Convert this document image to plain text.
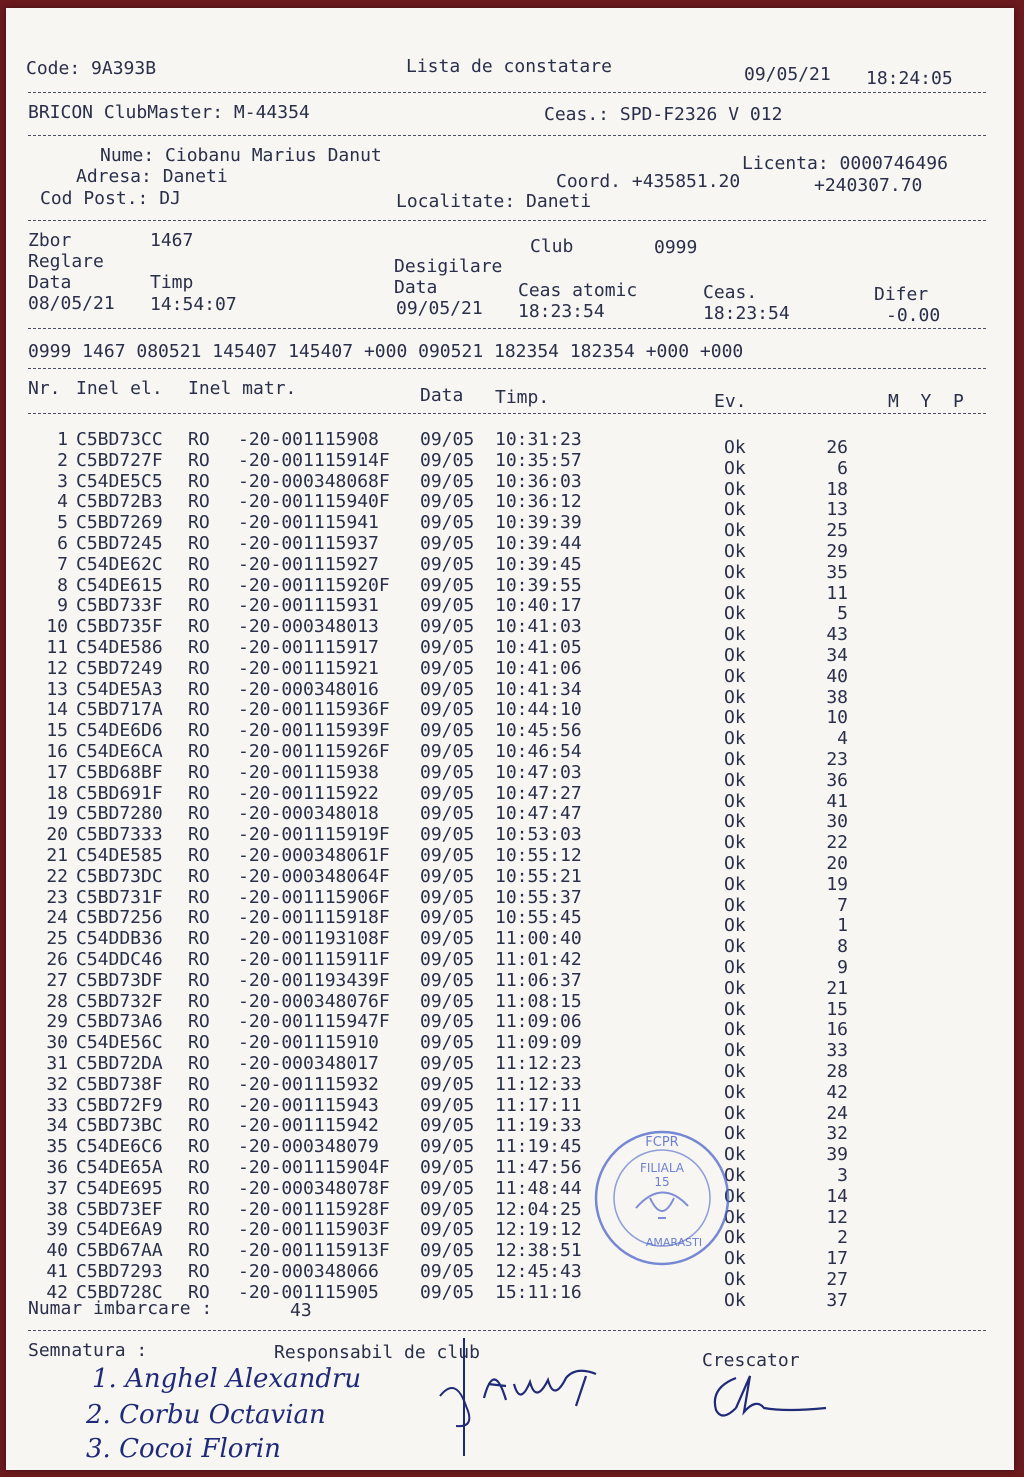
Code: 9A393B	Lista de constatare	09/05/21 18:24:05
BRICON ClubMaster: M-44354	Ceas.: SPD-F2326 V 012
Nume: Ciobanu Marius Danut	Licenta: 0000746496
Adresa: Daneti	Coord. +435851.20	+240307.70
Cod Post.: DJ	Localitate: Daneti
Zbor	1467	Club	0999
Reglare	Desigilare
Data	Timp	Data	Ceas atomic	Ceas.	Difer
08/05/21 14:54:07	09/05/21 18:23:54	18:23:54	-0.00
0999 1467 080521 145407 145407 +000 090521 182354 182354 +000 +000
Nr. Inel el. Inel matr.	Data Timp.	Ev.	M  Y  P
1 C5BD73CC RO -20-001115908 09/05 10:31:23	Ok	26
2 C5BD727F RO -20-001115914F 09/05 10:35:57	Ok	6
3 C54DE5C5 RO -20-000348068F 09/05 10:36:03	Ok	18
4 C5BD72B3 RO -20-001115940F 09/05 10:36:12	Ok	13
5 C5BD7269 RO -20-001115941 09/05 10:39:39	Ok	25
6 C5BD7245 RO -20-001115937 09/05 10:39:44	Ok	29
7 C54DE62C RO -20-001115927 09/05 10:39:45	Ok	35
8 C54DE615 RO -20-001115920F 09/05 10:39:55	Ok	11
9 C5BD733F RO -20-001115931 09/05 10:40:17	Ok	5
10 C5BD735F RO -20-000348013 09/05 10:41:03	Ok	43
11 C54DE586 RO -20-001115917 09/05 10:41:05	Ok	34
12 C5BD7249 RO -20-001115921 09/05 10:41:06	Ok	40
13 C54DE5A3 RO -20-000348016 09/05 10:41:34	Ok	38
14 C5BD717A RO -20-001115936F 09/05 10:44:10	Ok	10
15 C54DE6D6 RO -20-001115939F 09/05 10:45:56	Ok	4
16 C54DE6CA RO -20-001115926F 09/05 10:46:54	Ok	23
17 C5BD68BF RO -20-001115938 09/05 10:47:03	Ok	36
18 C5BD691F RO -20-001115922 09/05 10:47:27	Ok	41
19 C5BD7280 RO -20-000348018 09/05 10:47:47	Ok	30
20 C5BD7333 RO -20-001115919F 09/05 10:53:03	Ok	22
21 C54DE585 RO -20-000348061F 09/05 10:55:12	Ok	20
22 C5BD73DC RO -20-000348064F 09/05 10:55:21	Ok	19
23 C5BD731F RO -20-001115906F 09/05 10:55:37	Ok	7
24 C5BD7256 RO -20-001115918F 09/05 10:55:45	Ok	1
25 C54DDB36 RO -20-001193108F 09/05 11:00:40	Ok	8
26 C54DDC46 RO -20-001115911F 09/05 11:01:42	Ok	9
27 C5BD73DF RO -20-001193439F 09/05 11:06:37	Ok	21
28 C5BD732F RO -20-000348076F 09/05 11:08:15	Ok	15
29 C5BD73A6 RO -20-001115947F 09/05 11:09:06	Ok	16
30 C54DE56C RO -20-001115910 09/05 11:09:09	Ok	33
31 C5BD72DA RO -20-000348017 09/05 11:12:23	Ok	28
32 C5BD738F RO -20-001115932 09/05 11:12:33	Ok	42
33 C5BD72F9 RO -20-001115943 09/05 11:17:11	Ok	24
34 C5BD73BC RO -20-001115942 09/05 11:19:33	Ok	32
35 C54DE6C6 RO -20-000348079 09/05 11:19:45	Ok	39
36 C54DE65A RO -20-001115904F 09/05 11:47:56	Ok	3
37 C54DE695 RO -20-000348078F 09/05 11:48:44	Ok	14
38 C5BD73EF RO -20-001115928F 09/05 12:04:25	Ok	12
39 C54DE6A9 RO -20-001115903F 09/05 12:19:12	Ok	2
40 C5BD67AA RO -20-001115913F 09/05 12:38:51	Ok	17
41 C5BD7293 RO -20-000348066 09/05 12:45:43	Ok	27
42 C5BD728C RO -20-001115905 09/05 15:11:16	Ok	37
Numar imbarcare :	43
Semnatura :	Responsabil de club	Crescator
1. Anghel Alexandru
2. Corbu Octavian
3. Cocoi Florin
FCPR
FILIALA
15
AMARASTI
